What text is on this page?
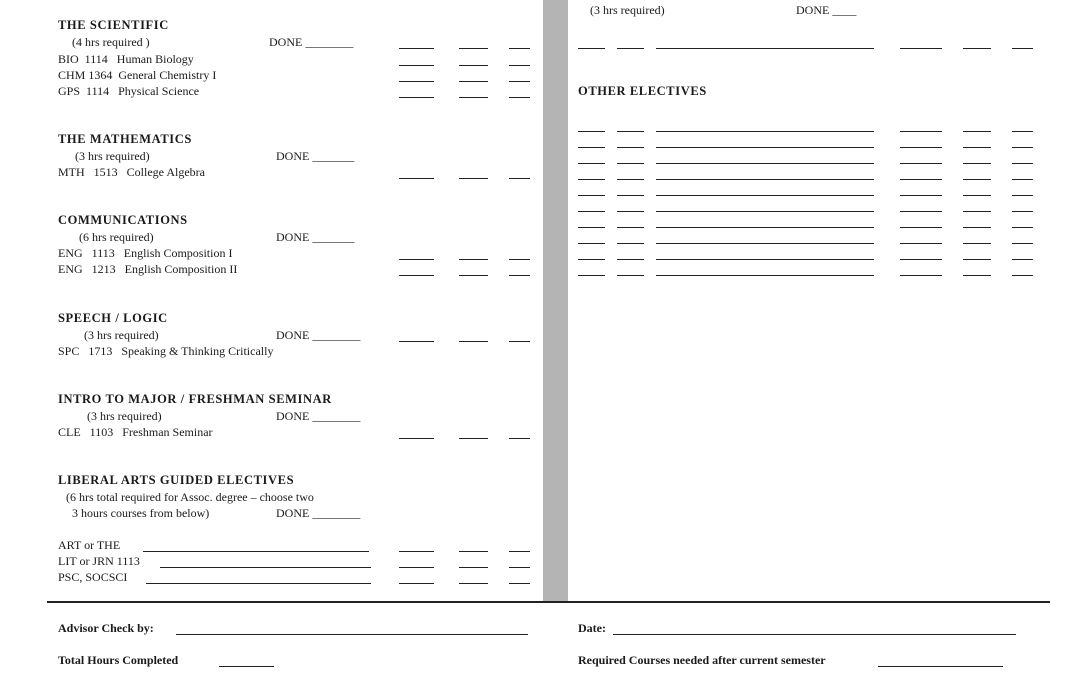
THE SCIENTIFIC
(4 hrs required )	DONE ________
BIO  1114   Human Biology
CHM 1364  General Chemistry I
GPS  1114   Physical Science
THE MATHEMATICS
(3 hrs required)	DONE _______
MTH   1513   College Algebra
COMMUNICATIONS
(6 hrs required)	DONE _______
ENG   1113   English Composition I
ENG   1213   English Composition II
SPEECH / LOGIC
(3 hrs required)	DONE ________
SPC   1713   Speaking & Thinking Critically
INTRO TO MAJOR / FRESHMAN SEMINAR
(3 hrs required)	DONE ________
CLE   1103   Freshman Seminar
LIBERAL ARTS GUIDED ELECTIVES
(6 hrs total required for Assoc. degree – choose two
3 hours courses from below)	DONE ________
ART or THE
LIT or JRN 1113
PSC, SOCSCI
(3 hrs required)	DONE ____
OTHER ELECTIVES
Advisor Check by:	Date:
Total Hours Completed	Required Courses needed after current semester
